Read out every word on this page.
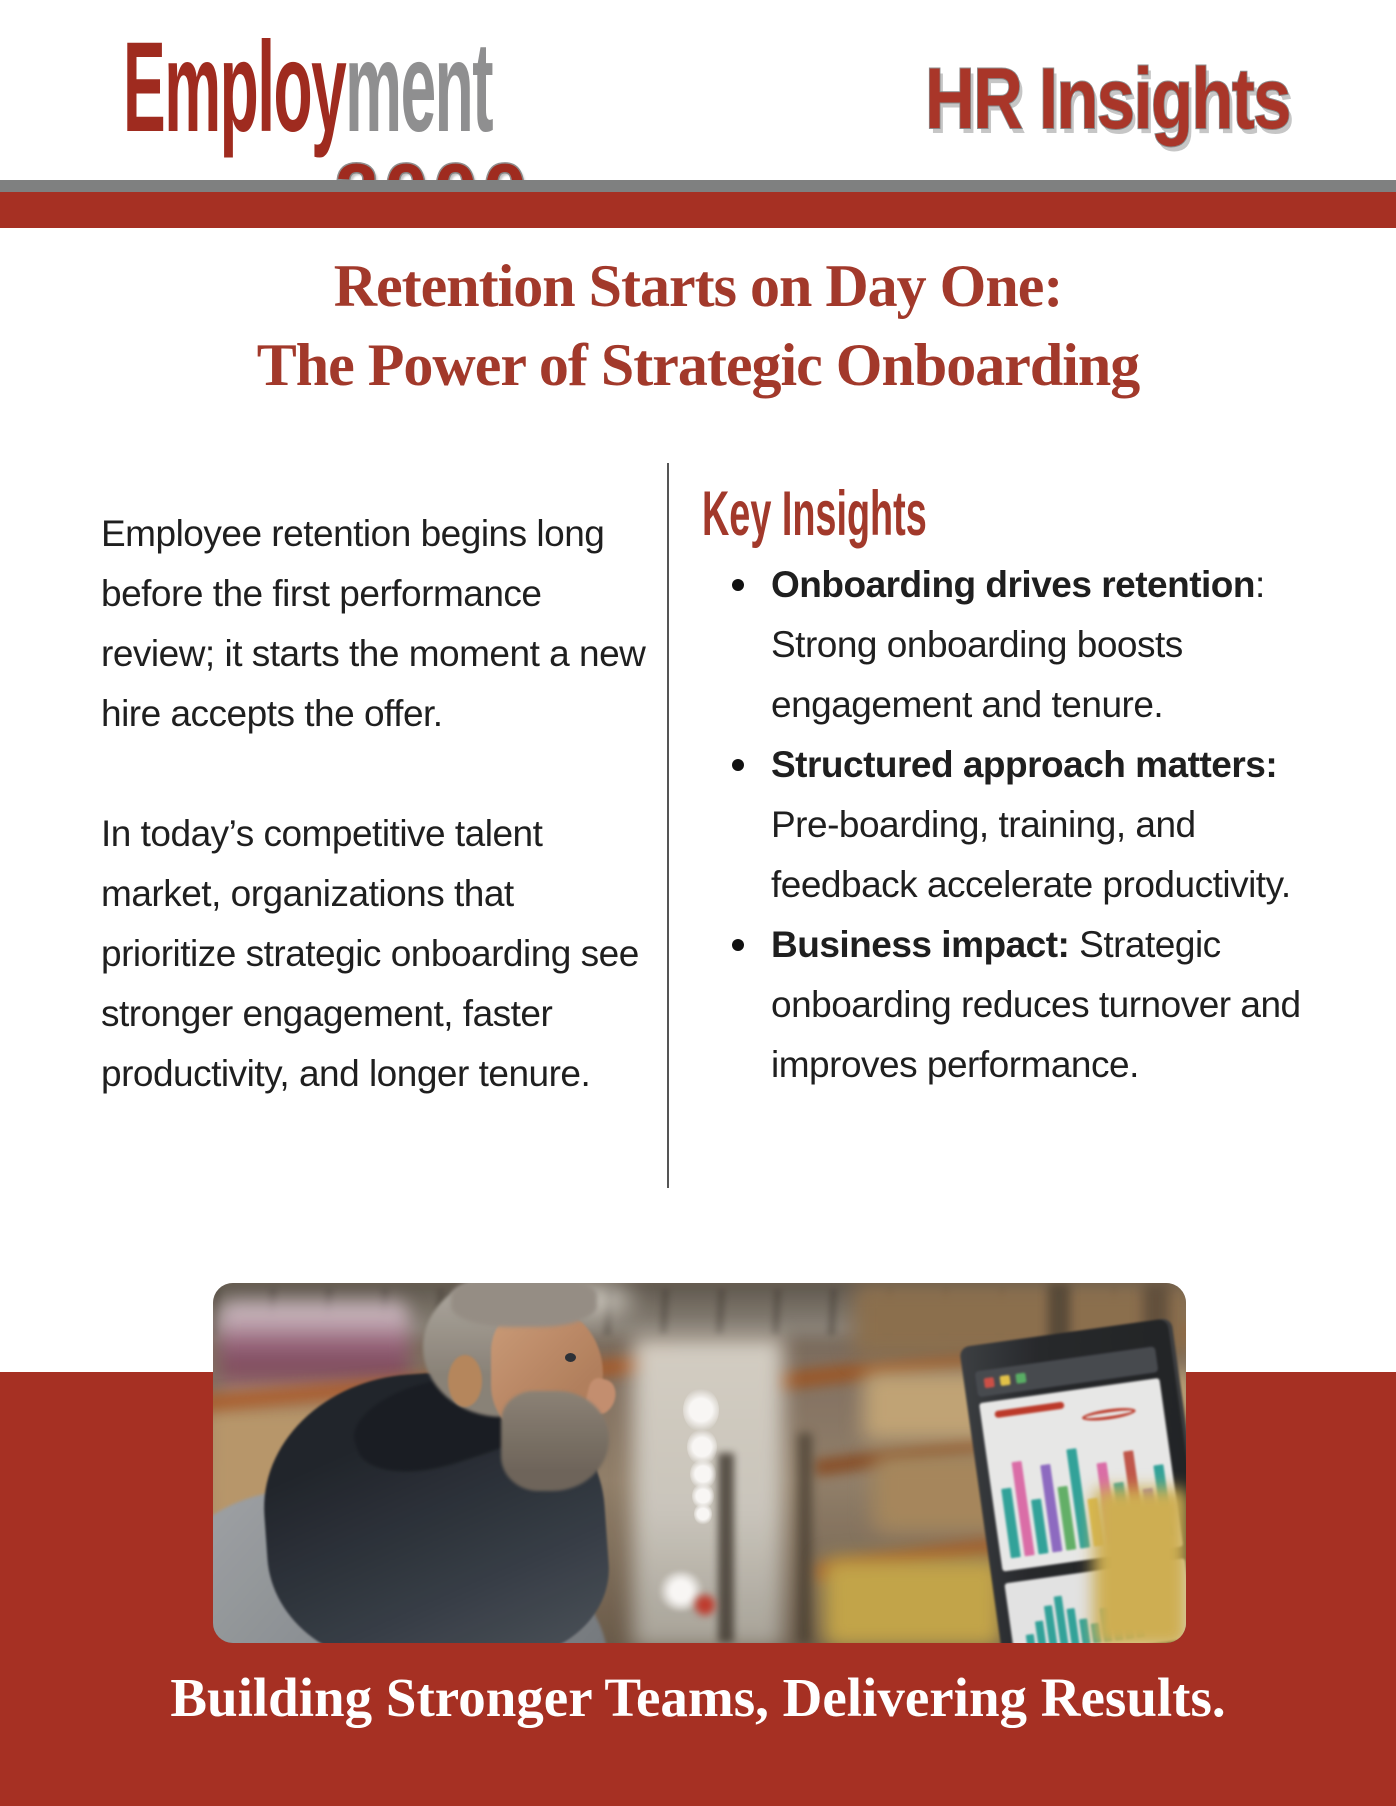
Employment	HR Insights
Retention Starts on Day One:
The Power of Strategic Onboarding

Employee retention begins long before the first performance review; it starts the moment a new hire accepts the offer.

In today’s competitive talent market, organizations that prioritize strategic onboarding see stronger engagement, faster productivity, and longer tenure.

Key Insights
Onboarding drives retention: Strong onboarding boosts engagement and tenure.
Structured approach matters: Pre-boarding, training, and feedback accelerate productivity.
Business impact: Strategic onboarding reduces turnover and improves performance.
Building Stronger Teams, Delivering Results.
